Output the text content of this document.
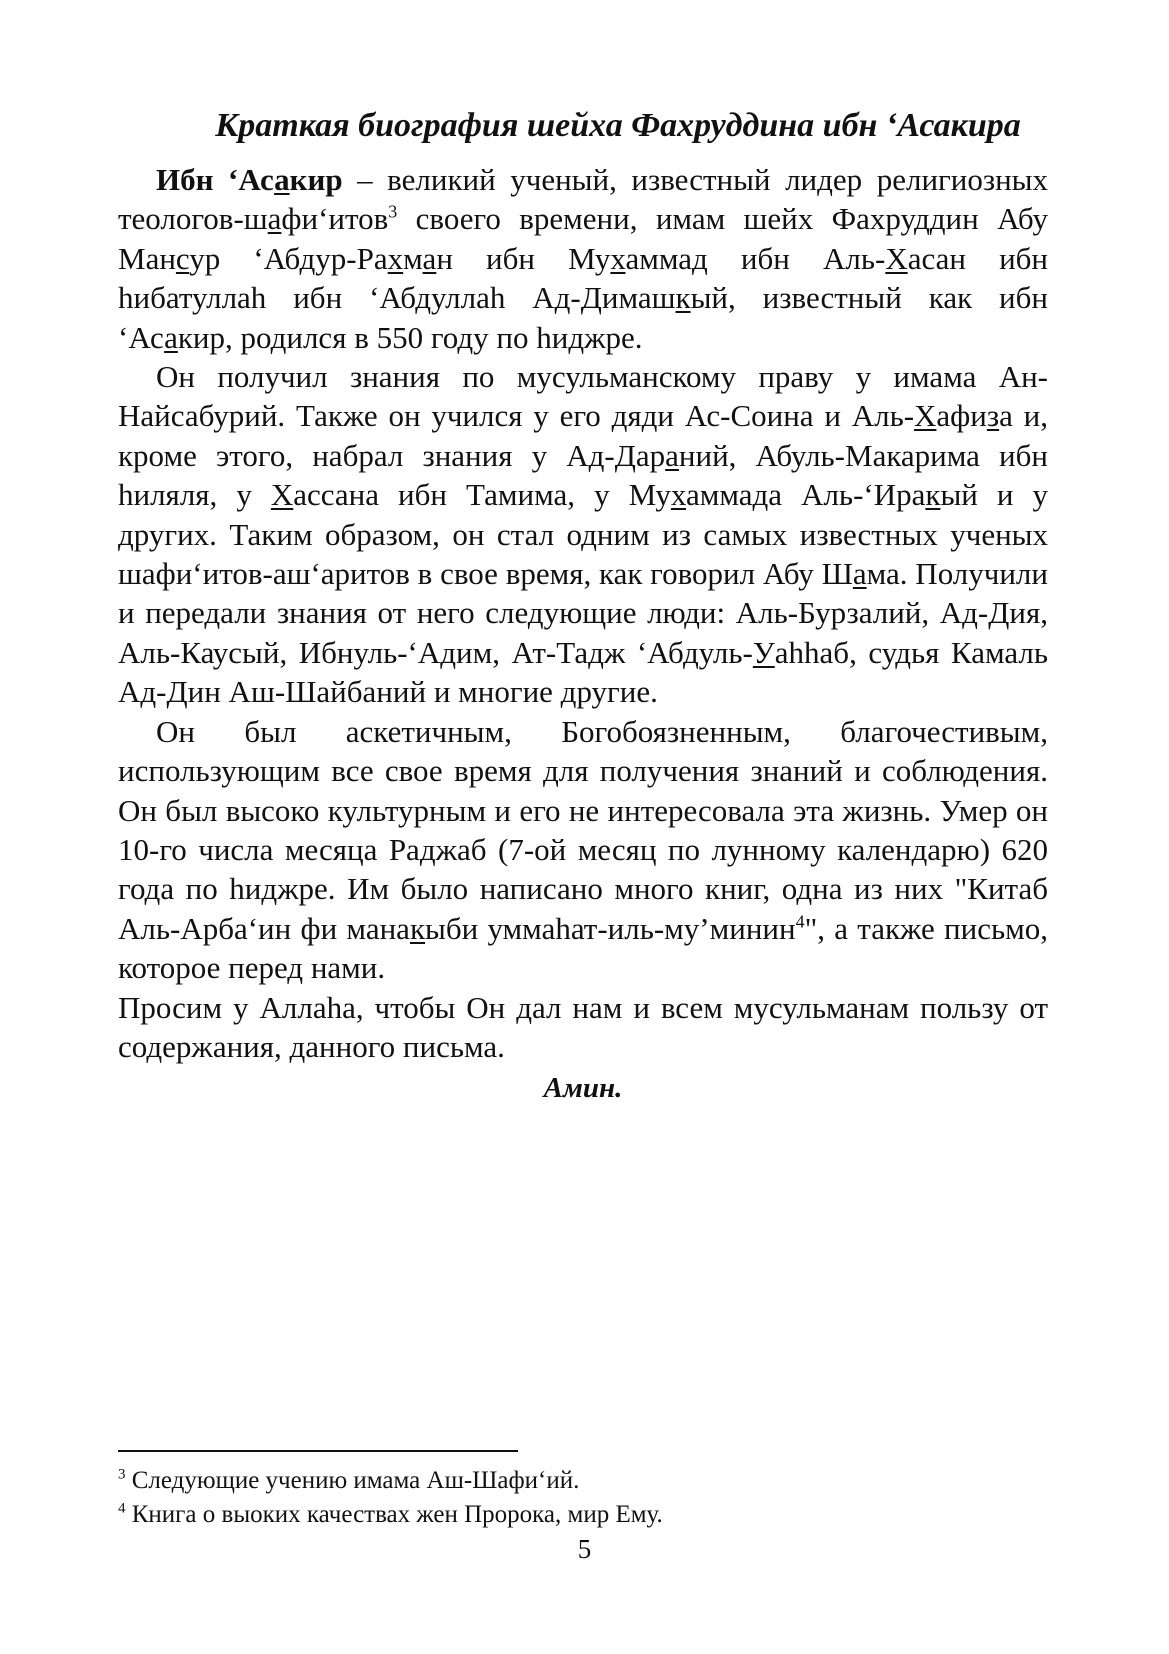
Краткая биография шейха Фахруддина ибн ‘Асакира

Ибн ‘Асакир – великий ученый, известный лидер религиозных теологов-шафи‘итов$^3$ своего времени, имам шейх Фахруддин Абу Мансур ‘Абдур-Рахман ибн Мухаммад ибн Аль-Хасан ибн hибатуллаh ибн ‘Абдуллаh Ад-Димашкый, известный как ибн ‘Асакир, родился в 550 году по hиджре.

Он получил знания по мусульманскому праву у имама Ан-Найсабурий. Также он учился у его дяди Ас-Соина и Аль-Хафиза и, кроме этого, набрал знания у Ад-Дараний, Абуль-Макарима ибн hиляля, у Хассана ибн Тамима, у Мухаммада Аль-‘Иракый и у других. Таким образом, он стал одним из самых известных ученых шафи‘итов-аш‘аритов в свое время, как говорил Абу Шама. Получили и передали знания от него следующие люди: Аль-Бурзалий, Ад-Дия, Аль-Каусый, Ибнуль-‘Адим, Ат-Тадж ‘Абдуль-Уаhhаб, судья Камаль Ад-Дин Аш-Шайбаний и многие другие.

Он был аскетичным, Богобоязненным, благочестивым, использующим все свое время для получения знаний и соблюдения. Он был высоко культурным и его не интересовала эта жизнь. Умер он 10-го числа месяца Раджаб (7-ой месяц по лунному календарю) 620 года по hиджре. Им было написано много книг, одна из них "Китаб Аль-Арба‘ин фи манакыби уммаhат-иль-му’минин$^4$", а также письмо, которое перед нами.

Просим у Аллаhа, чтобы Он дал нам и всем мусульманам пользу от содержания, данного письма.

Амин.

$^3$ Следующие учению имама Аш-Шафи‘ий.
$^4$ Книга о выоких качествах жен Пророка, мир Ему.
5
